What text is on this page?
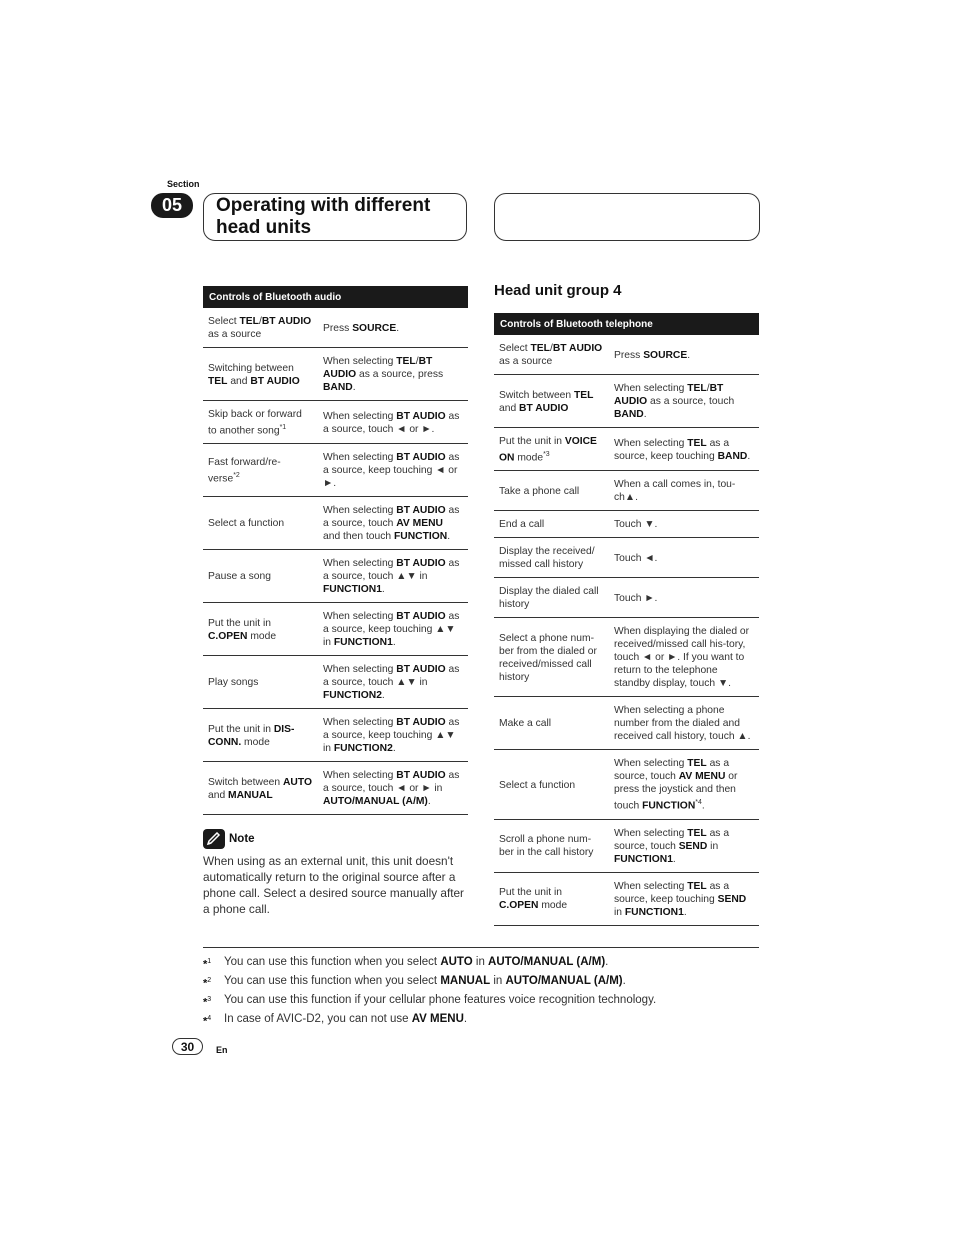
Section
05	Operating with different head units
Controls of Bluetooth audio	
Select TEL/BT AUDIO as a source	Press SOURCE.
Switching between TEL and BT AUDIO	When selecting TEL/BT AUDIO as a source, press BAND.
Skip back or forward to another song$^{*1}$	When selecting BT AUDIO as a source, touch ◄ or ►.
Fast forward/re-verse$^{*2}$	When selecting BT AUDIO as a source, keep touching ◄ or ►.
Select a function	When selecting BT AUDIO as a source, touch AV MENU and then touch FUNCTION.
Pause a song	When selecting BT AUDIO as a source, touch ▲▼ in FUNCTION1.
Put the unit in C.OPEN mode	When selecting BT AUDIO as a source, keep touching ▲▼ in FUNCTION1.
Play songs	When selecting BT AUDIO as a source, touch ▲▼ in FUNCTION2.
Put the unit in DIS-CONN. mode	When selecting BT AUDIO as a source, keep touching ▲▼ in FUNCTION2.
Switch between AUTO and MANUAL	When selecting BT AUDIO as a source, touch ◄ or ► in AUTO/MANUAL (A/M).
Note
When using as an external unit, this unit doesn't automatically return to the original source after a phone call. Select a desired source manually after a phone call.
Head unit group 4
Controls of Bluetooth telephone	
Select TEL/BT AUDIO as a source	Press SOURCE.
Switch between TEL and BT AUDIO	When selecting TEL/BT AUDIO as a source, touch BAND.
Put the unit in VOICE ON mode$^{*3}$	When selecting TEL as a source, keep touching BAND.
Take a phone call	When a call comes in, tou-ch▲.
End a call	Touch ▼.
Display the received/ missed call history	Touch ◄.
Display the dialed call history	Touch ►.
Select a phone num-ber from the dialed or received/missed call history	When displaying the dialed or received/missed call his-tory, touch ◄ or ►. If you want to return to the telephone standby display, touch ▼.
Make a call	When selecting a phone number from the dialed and received call history, touch ▲.
Select a function	When selecting TEL as a source, touch AV MENU or press the joystick and then touch FUNCTION$^{*4}$.
Scroll a phone num-ber in the call history	When selecting TEL as a source, touch SEND in FUNCTION1.
Put the unit in C.OPEN mode	When selecting TEL as a source, keep touching SEND in FUNCTION1.
*$^1$	You can use this function when you select AUTO in AUTO/MANUAL (A/M).
*$^2$	You can use this function when you select MANUAL in AUTO/MANUAL (A/M).
*$^3$	You can use this function if your cellular phone features voice recognition technology.
*$^4$	In case of AVIC-D2, you can not use AV MENU.
30	En
